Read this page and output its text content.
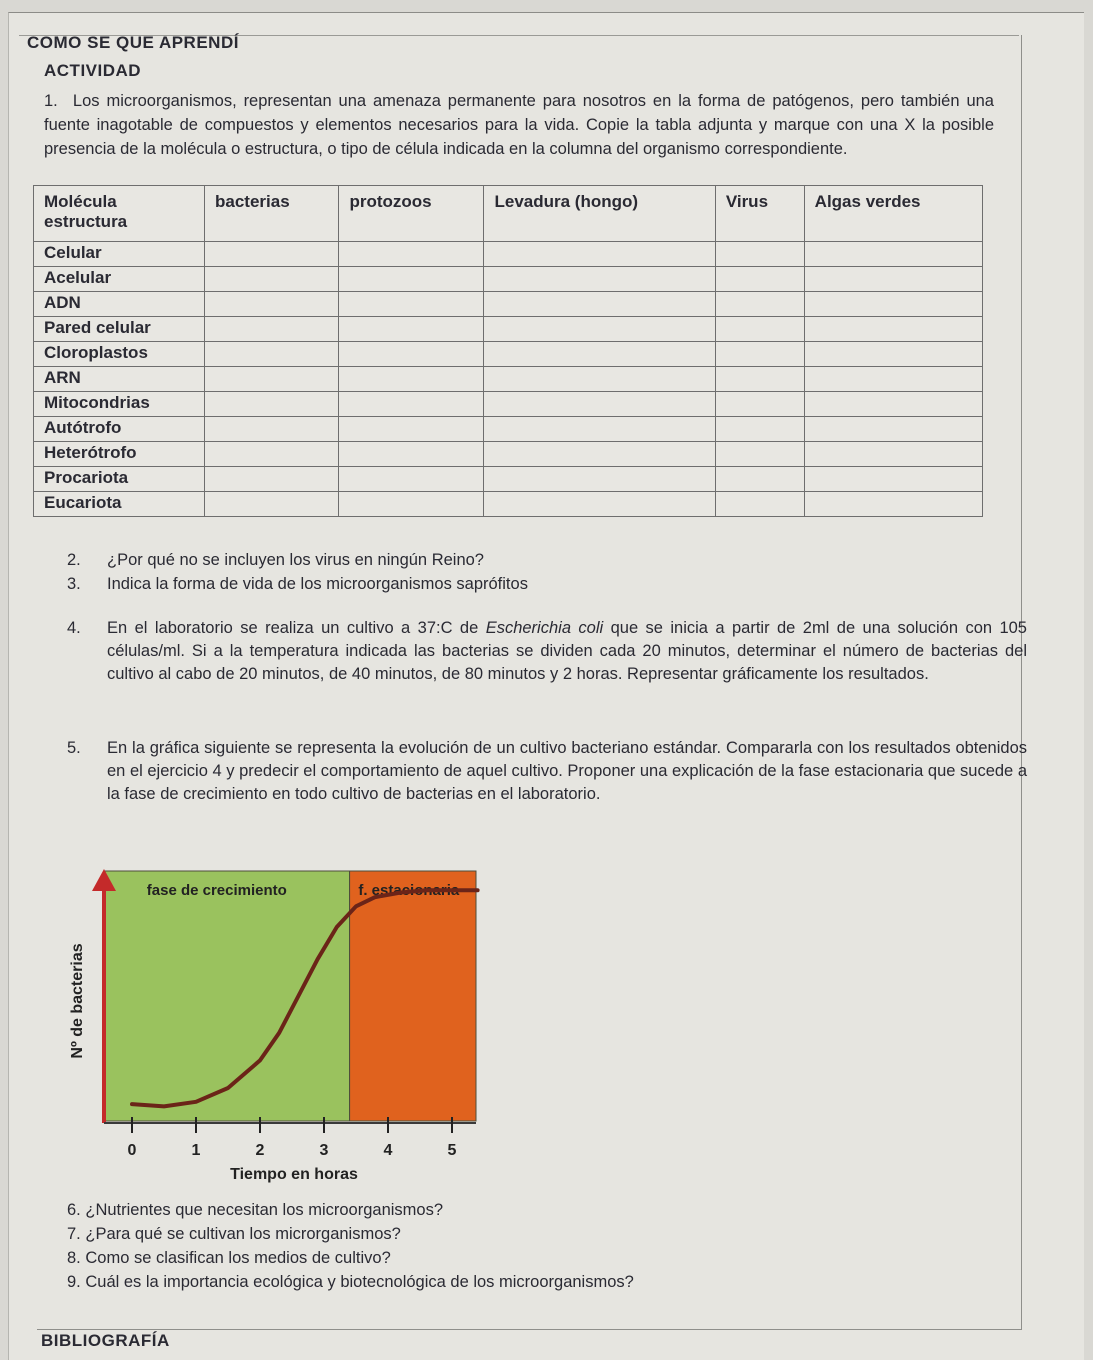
COMO SE QUE APRENDÍ
ACTIVIDAD
1. Los microorganismos, representan una amenaza permanente para nosotros en la forma de patógenos, pero también una fuente inagotable de compuestos y elementos necesarios para la vida. Copie la tabla adjunta y marque con una X la posible presencia de la molécula o estructura, o tipo de célula indicada en la columna del organismo correspondiente.
Molécula estructura	bacterias	protozoos	Levadura (hongo)	Virus	Algas verdes
Celular					
Acelular					
ADN					
Pared celular					
Cloroplastos					
ARN					
Mitocondrias					
Autótrofo					
Heterótrofo					
Procariota					
Eucariota					
2. ¿Por qué no se incluyen los virus en ningún Reino?
3. Indica la forma de vida de los microorganismos saprófitos
4. En el laboratorio se realiza un cultivo a 37:C de Escherichia coli que se inicia a partir de 2ml de una solución con 105 células/ml. Si a la temperatura indicada las bacterias se dividen cada 20 minutos, determinar el número de bacterias del cultivo al cabo de 20 minutos, de 40 minutos, de 80 minutos y 2 horas. Representar gráficamente los resultados.
5. En la gráfica siguiente se representa la evolución de un cultivo bacteriano estándar. Compararla con los resultados obtenidos en el ejercicio 4 y predecir el comportamiento de aquel cultivo. Proponer una explicación de la fase estacionaria que sucede a la fase de crecimiento en todo cultivo de bacterias en el laboratorio.
fase de crecimiento	f. estacionaria
Nº de bacterias
0	1	2	3	4	5
Tiempo en horas
6. ¿Nutrientes que necesitan los microorganismos?
7. ¿Para qué se cultivan los microrganismos?
8. Como se clasifican los medios de cultivo?
9. Cuál es la importancia ecológica y biotecnológica de los microorganismos?
BIBLIOGRAFÍA
